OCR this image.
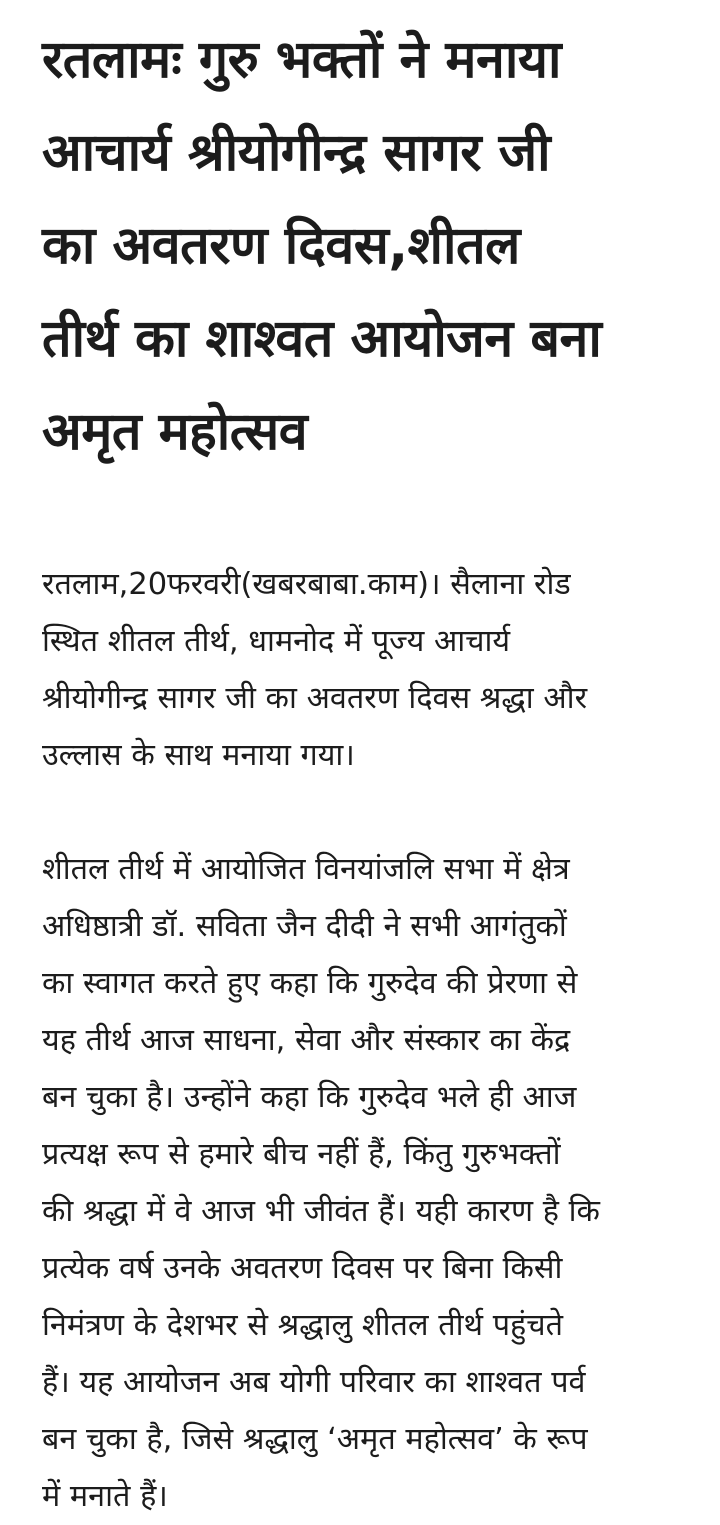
रतलामः गुरु भक्तों ने मनाया
आचार्य श्रीयोगीन्द्र सागर जी
का अवतरण दिवस,शीतल
तीर्थ का शाश्वत आयोजन बना
अमृत महोत्सव

रतलाम,20फरवरी(खबरबाबा.काम)। सैलाना रोड
स्थित शीतल तीर्थ, धामनोद में पूज्य आचार्य
श्रीयोगीन्द्र सागर जी का अवतरण दिवस श्रद्धा और
उल्लास के साथ मनाया गया।

शीतल तीर्थ में आयोजित विनयांजलि सभा में क्षेत्र
अधिष्ठात्री डॉ. सविता जैन दीदी ने सभी आगंतुकों
का स्वागत करते हुए कहा कि गुरुदेव की प्रेरणा से
यह तीर्थ आज साधना, सेवा और संस्कार का केंद्र
बन चुका है। उन्होंने कहा कि गुरुदेव भले ही आज
प्रत्यक्ष रूप से हमारे बीच नहीं हैं, किंतु गुरुभक्तों
की श्रद्धा में वे आज भी जीवंत हैं। यही कारण है कि
प्रत्येक वर्ष उनके अवतरण दिवस पर बिना किसी
निमंत्रण के देशभर से श्रद्धालु शीतल तीर्थ पहुंचते
हैं। यह आयोजन अब योगी परिवार का शाश्वत पर्व
बन चुका है, जिसे श्रद्धालु ‘अमृत महोत्सव’ के रूप
में मनाते हैं।
